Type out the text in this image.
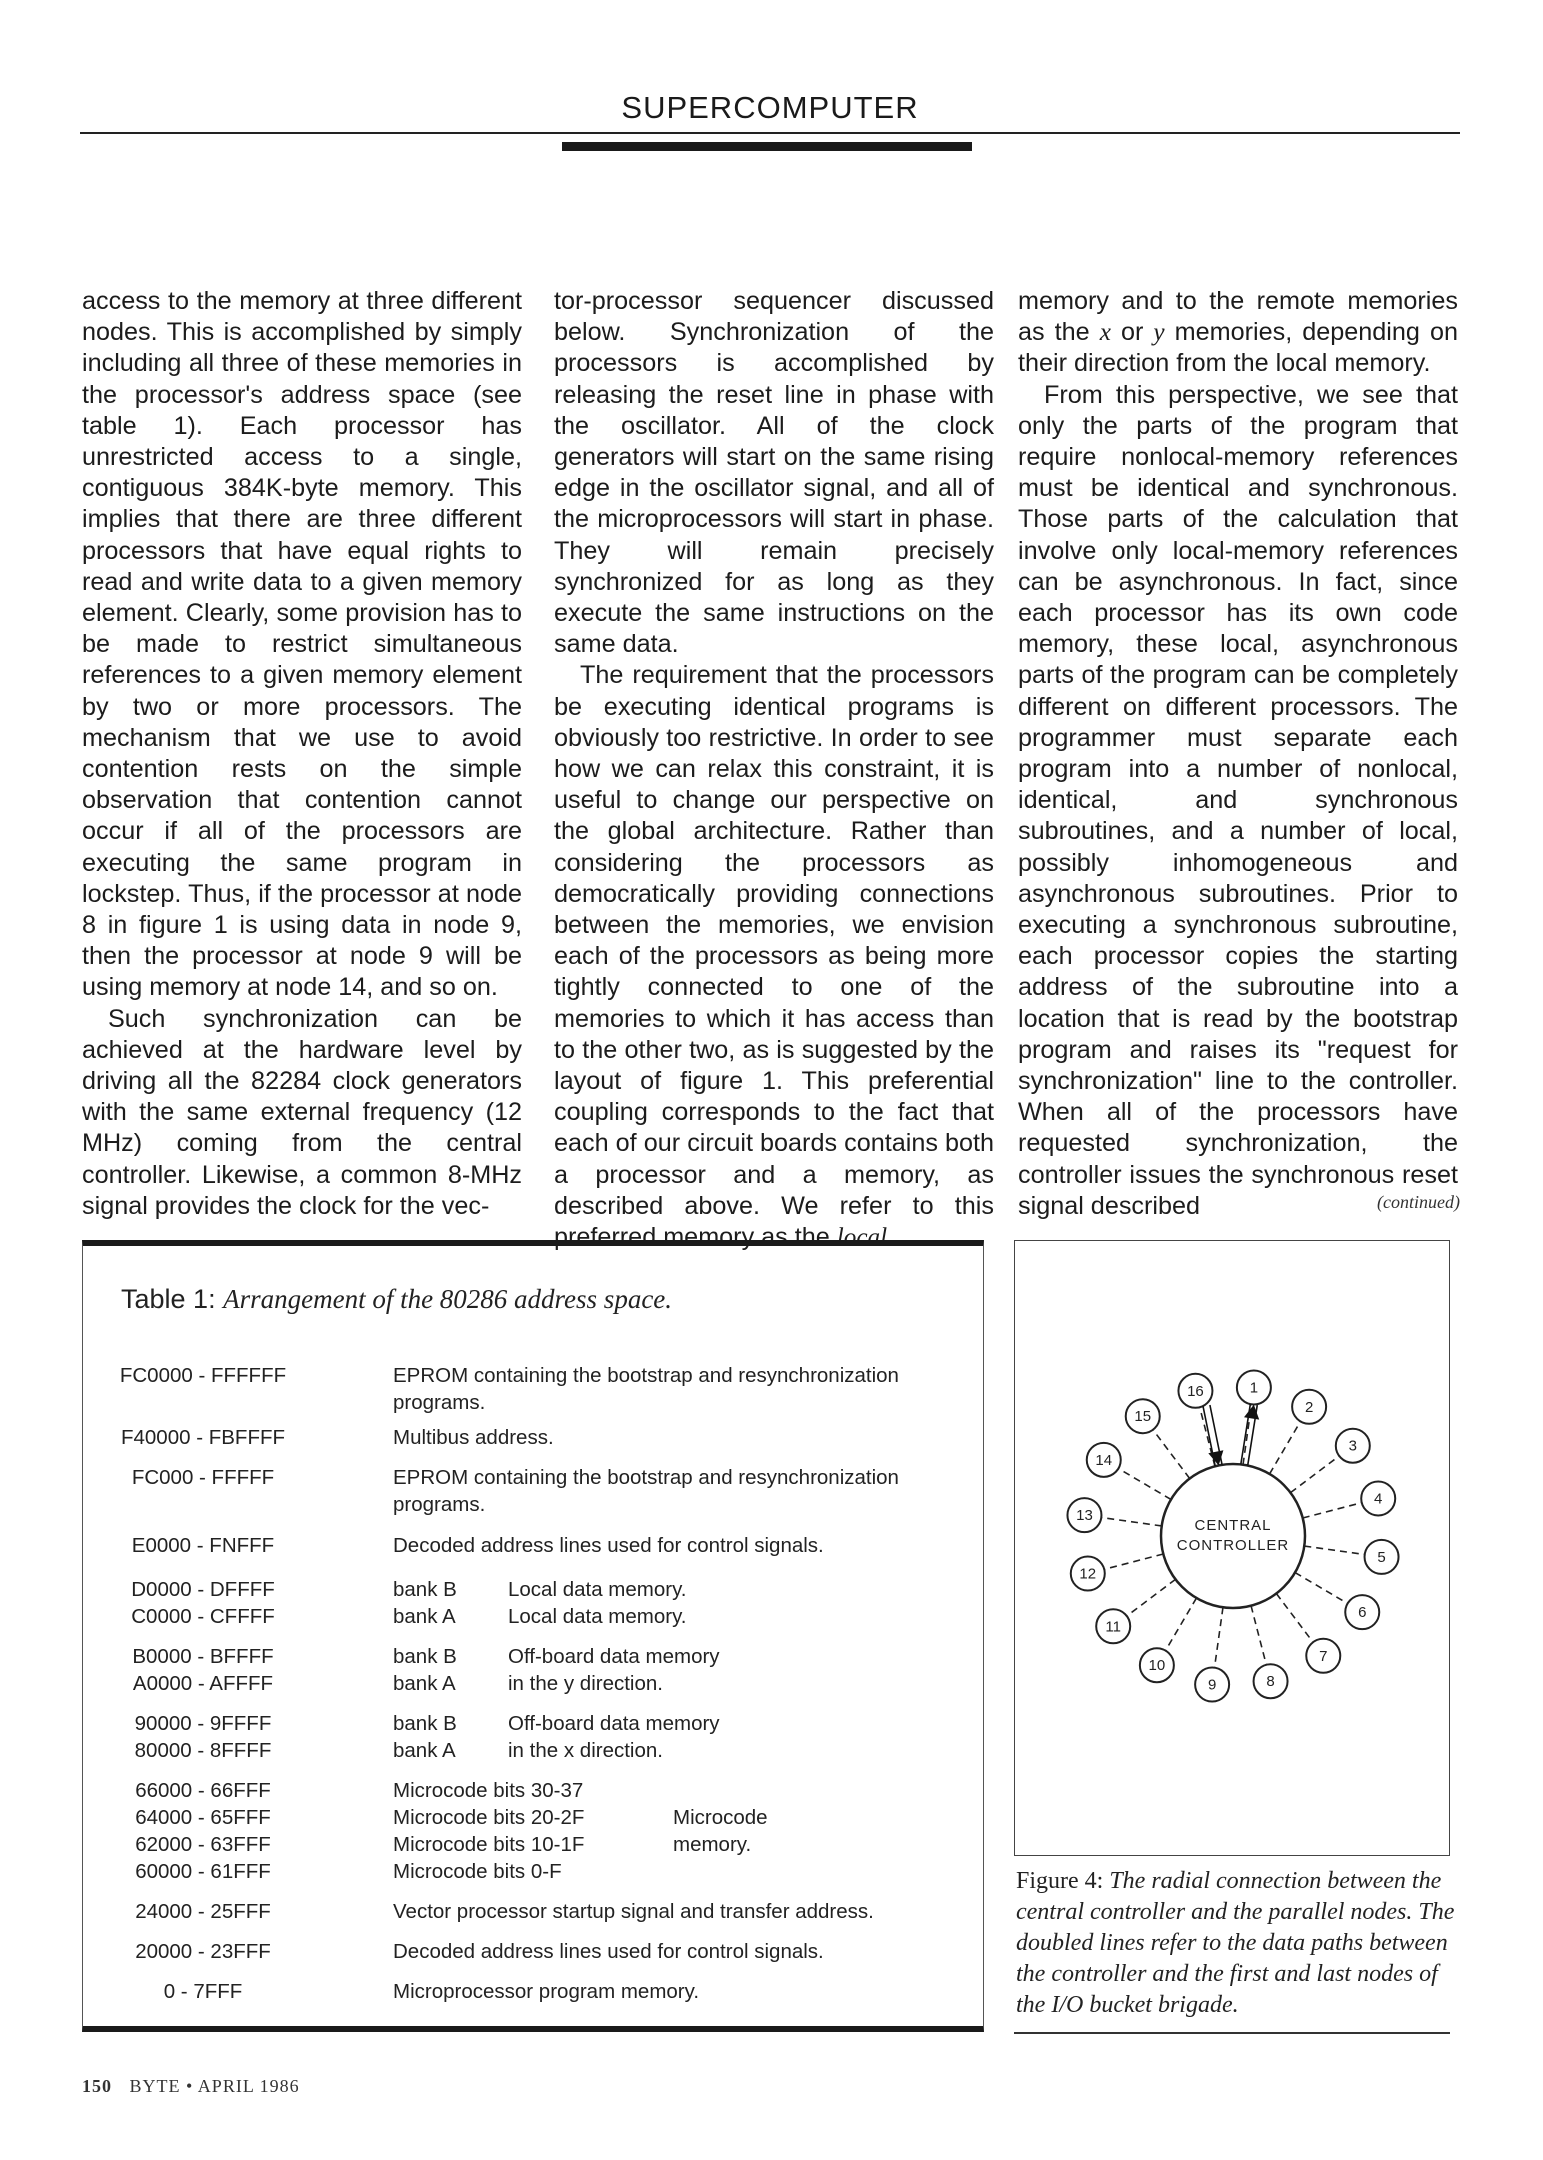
SUPERCOMPUTER

access to the memory at three different nodes. This is accomplished by simply including all three of these memories in the processor's address space (see table 1). Each processor has unrestricted access to a single, contiguous 384K-byte memory. This implies that there are three different processors that have equal rights to read and write data to a given memory element. Clearly, some provision has to be made to restrict simultaneous references to a given memory element by two or more processors. The mechanism that we use to avoid contention rests on the simple observation that contention cannot occur if all of the processors are executing the same program in lockstep. Thus, if the processor at node 8 in figure 1 is using data in node 9, then the processor at node 9 will be using memory at node 14, and so on.

Such synchronization can be achieved at the hardware level by driving all the 82284 clock generators with the same external frequency (12 MHz) coming from the central controller. Likewise, a common 8-MHz signal provides the clock for the vec-

tor-processor sequencer discussed below. Synchronization of the processors is accomplished by releasing the reset line in phase with the oscillator. All of the clock generators will start on the same rising edge in the oscillator signal, and all of the microprocessors will start in phase. They will remain precisely synchronized for as long as they execute the same instructions on the same data.

The requirement that the processors be executing identical programs is obviously too restrictive. In order to see how we can relax this constraint, it is useful to change our perspective on the global architecture. Rather than considering the processors as democratically providing connections between the memories, we envision each of the processors as being more tightly connected to one of the memories to which it has access than to the other two, as is suggested by the layout of figure 1. This preferential coupling corresponds to the fact that each of our circuit boards contains both a processor and a memory, as described above. We refer to this preferred memory as the local

memory and to the remote memories as the x or y memories, depending on their direction from the local memory.

From this perspective, we see that only the parts of the program that require nonlocal-memory references must be identical and synchronous. Those parts of the calculation that involve only local-memory references can be asynchronous. In fact, since each processor has its own code memory, these local, asynchronous parts of the program can be completely different on different processors. The programmer must separate each program into a number of nonlocal, identical, and synchronous subroutines, and a number of local, possibly inhomogeneous and asynchronous subroutines. Prior to executing a synchronous subroutine, each processor copies the starting address of the subroutine into a location that is read by the bootstrap program and raises its "request for synchronization" line to the controller. When all of the processors have requested synchronization, the controller issues the synchronous reset signal described	(continued)
Table 1: Arrangement of the 80286 address space.
FC0000 - FFFFFF	EPROM containing the bootstrap and resynchronization programs.
F40000 - FBFFFF	Multibus address.
FC000 - FFFFF	EPROM containing the bootstrap and resynchronization programs.
E0000 - FNFFF	Decoded address lines used for control signals.
D0000 - DFFFF	bank B	Local data memory.
C0000 - CFFFF	bank A	Local data memory.
B0000 - BFFFF	bank B	Off-board data memory
A0000 - AFFFF	bank A	in the y direction.
90000 - 9FFFF	bank B	Off-board data memory
80000 - 8FFFF	bank A	in the x direction.
66000 - 66FFF	Microcode bits 30-37
64000 - 65FFF	Microcode bits 20-2F	Microcode
62000 - 63FFF	Microcode bits 10-1F	memory.
60000 - 61FFF	Microcode bits 0-F
24000 - 25FFF	Vector processor startup signal and transfer address.
20000 - 23FFF	Decoded address lines used for control signals.
0 - 7FFF	Microprocessor program memory.
CENTRAL
CONTROLLER
1
2
3
4
5
6
7
8
9
10
11
12
13
14
15
16
Figure 4: The radial connection between the central controller and the parallel nodes. The doubled lines refer to the data paths between the controller and the first and last nodes of the I/O bucket brigade.
150 BYTE • APRIL 1986
